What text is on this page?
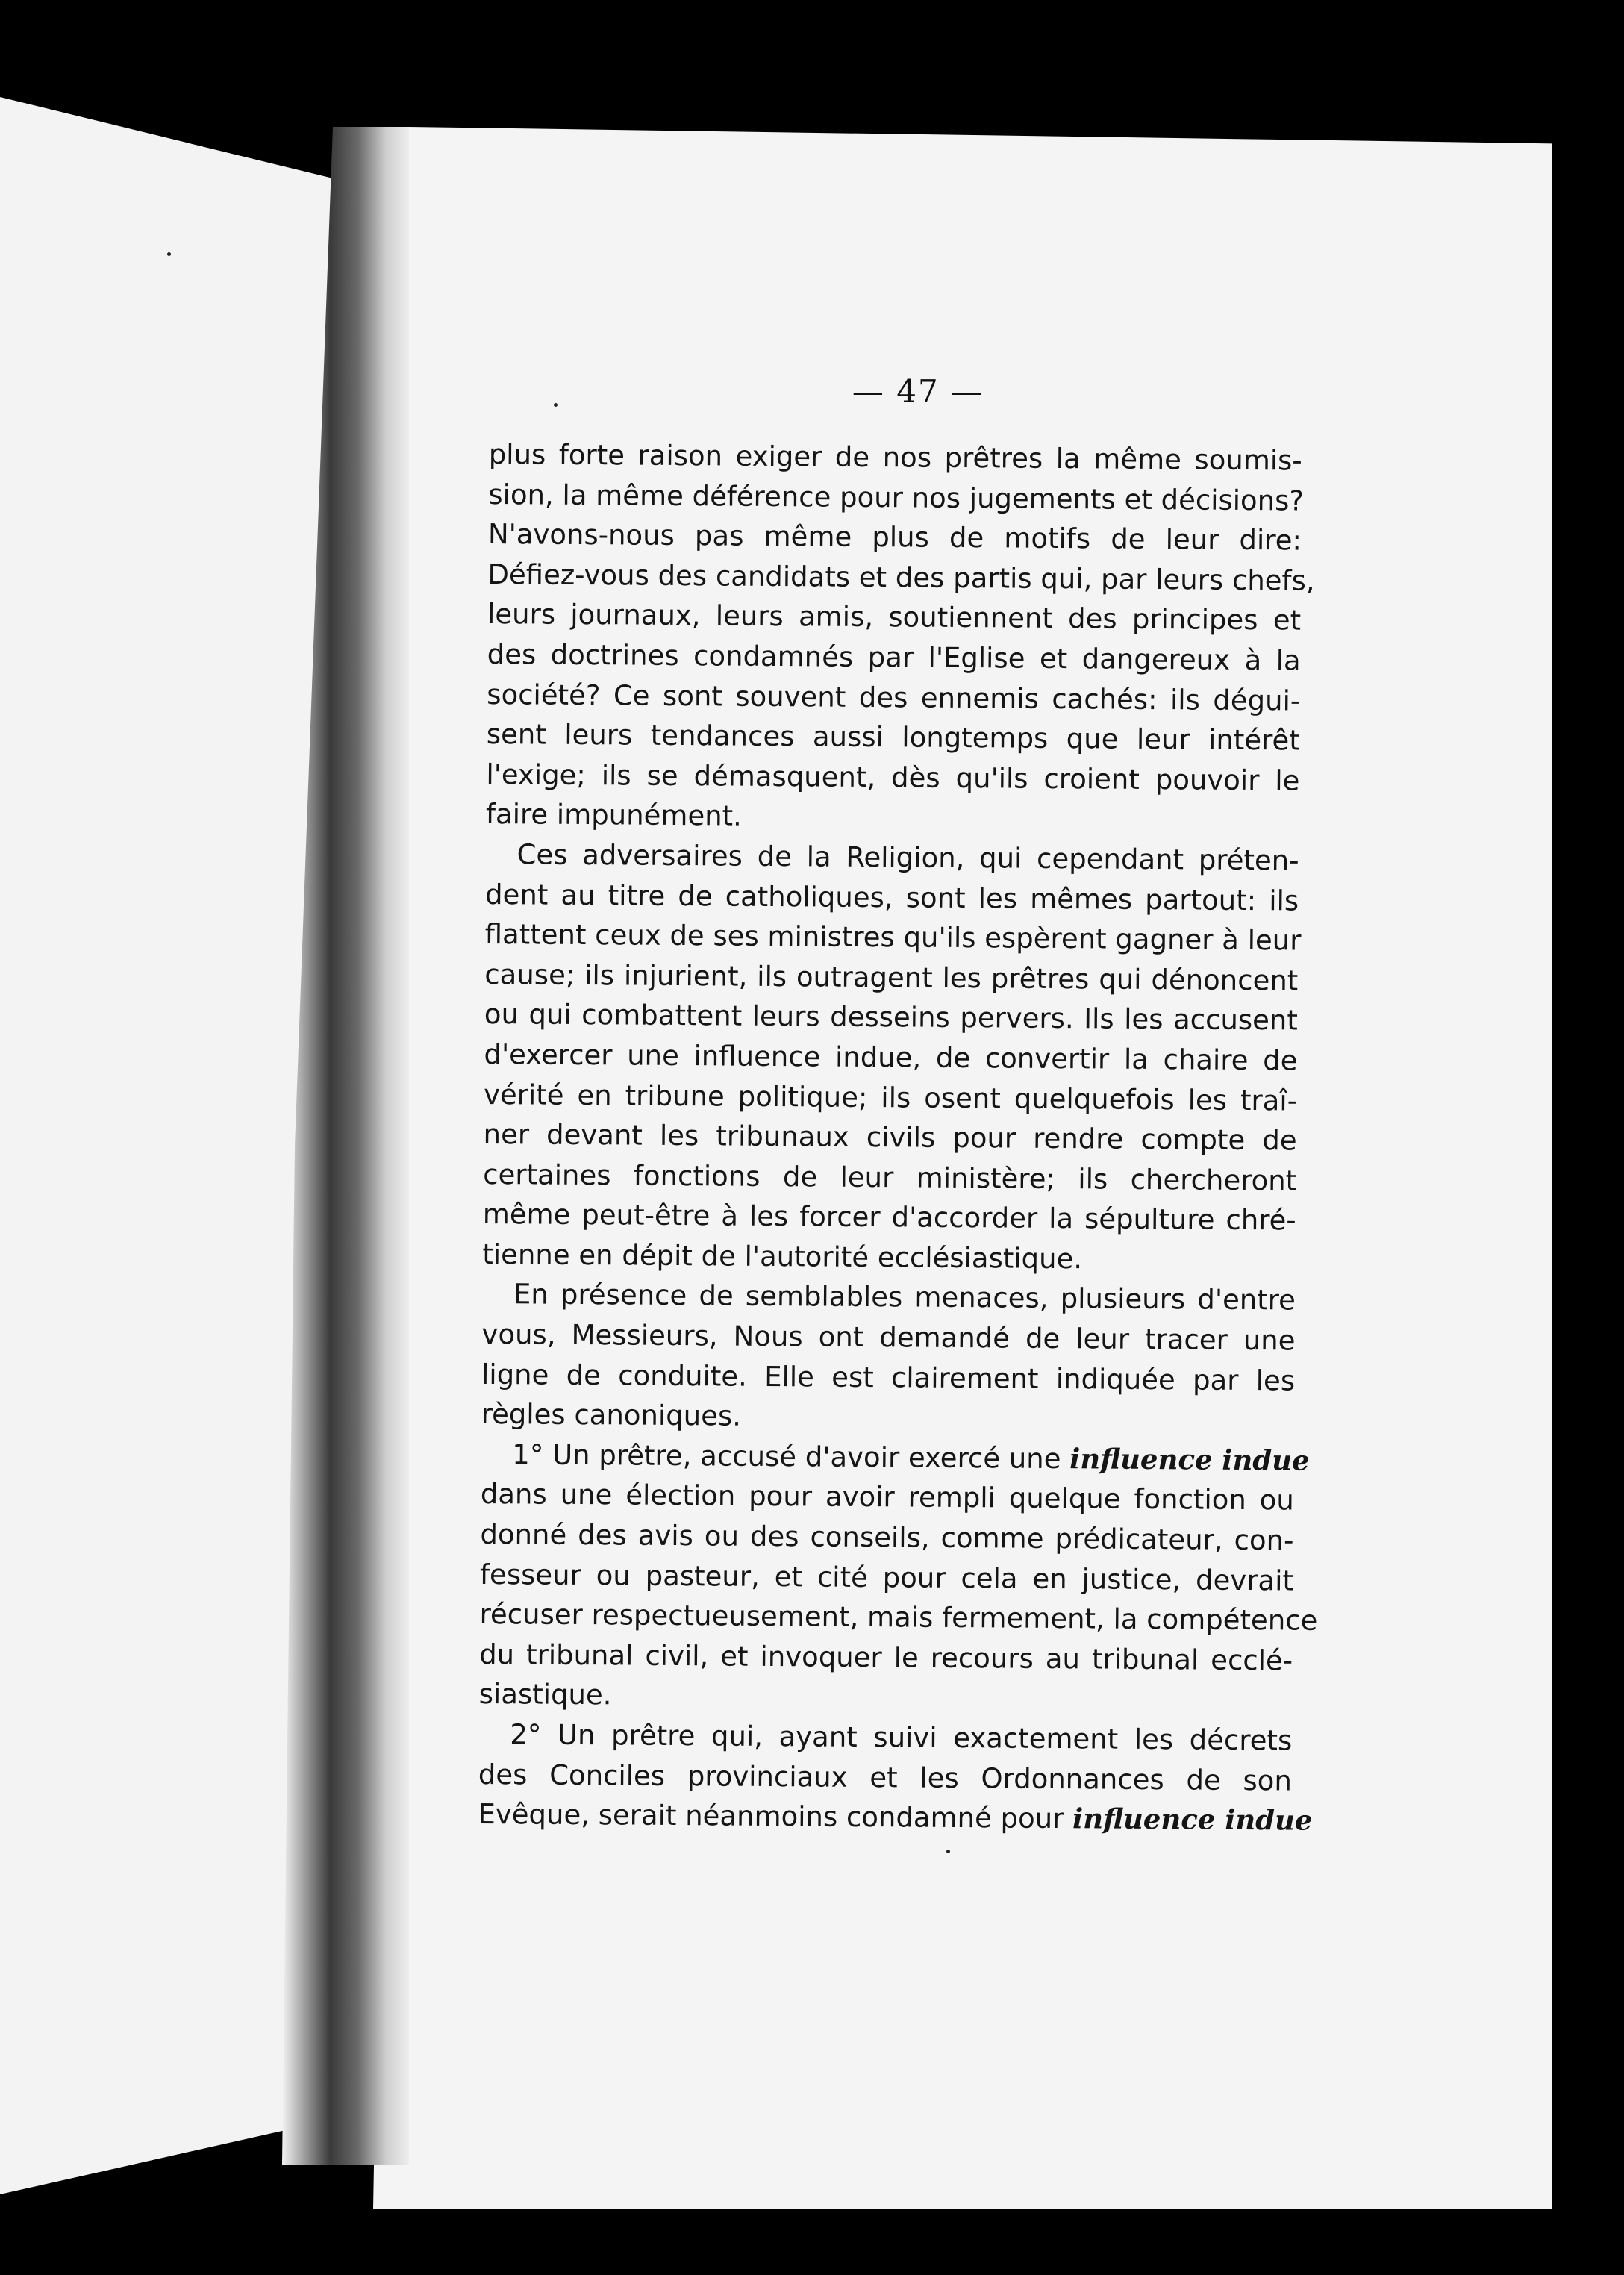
— 47 —
plus forte raison exiger de nos prêtres la même soumis-
sion, la même déférence pour nos jugements et décisions?
N'avons-nous pas même plus de motifs de leur dire:
Défiez-vous des candidats et des partis qui, par leurs chefs,
leurs journaux, leurs amis, soutiennent des principes et
des doctrines condamnés par l'Eglise et dangereux à la
société? Ce sont souvent des ennemis cachés: ils dégui-
sent leurs tendances aussi longtemps que leur intérêt
l'exige; ils se démasquent, dès qu'ils croient pouvoir le
faire impunément.
Ces adversaires de la Religion, qui cependant préten-
dent au titre de catholiques, sont les mêmes partout: ils
flattent ceux de ses ministres qu'ils espèrent gagner à leur
cause; ils injurient, ils outragent les prêtres qui dénoncent
ou qui combattent leurs desseins pervers. Ils les accusent
d'exercer une influence indue, de convertir la chaire de
vérité en tribune politique; ils osent quelquefois les traî-
ner devant les tribunaux civils pour rendre compte de
certaines fonctions de leur ministère; ils chercheront
même peut-être à les forcer d'accorder la sépulture chré-
tienne en dépit de l'autorité ecclésiastique.
En présence de semblables menaces, plusieurs d'entre
vous, Messieurs, Nous ont demandé de leur tracer une
ligne de conduite. Elle est clairement indiquée par les
règles canoniques.
1° Un prêtre, accusé d'avoir exercé une influence indue
dans une élection pour avoir rempli quelque fonction ou
donné des avis ou des conseils, comme prédicateur, con-
fesseur ou pasteur, et cité pour cela en justice, devrait
récuser respectueusement, mais fermement, la compétence
du tribunal civil, et invoquer le recours au tribunal ecclé-
siastique.
2° Un prêtre qui, ayant suivi exactement les décrets
des Conciles provinciaux et les Ordonnances de son
Evêque, serait néanmoins condamné pour influence indue
